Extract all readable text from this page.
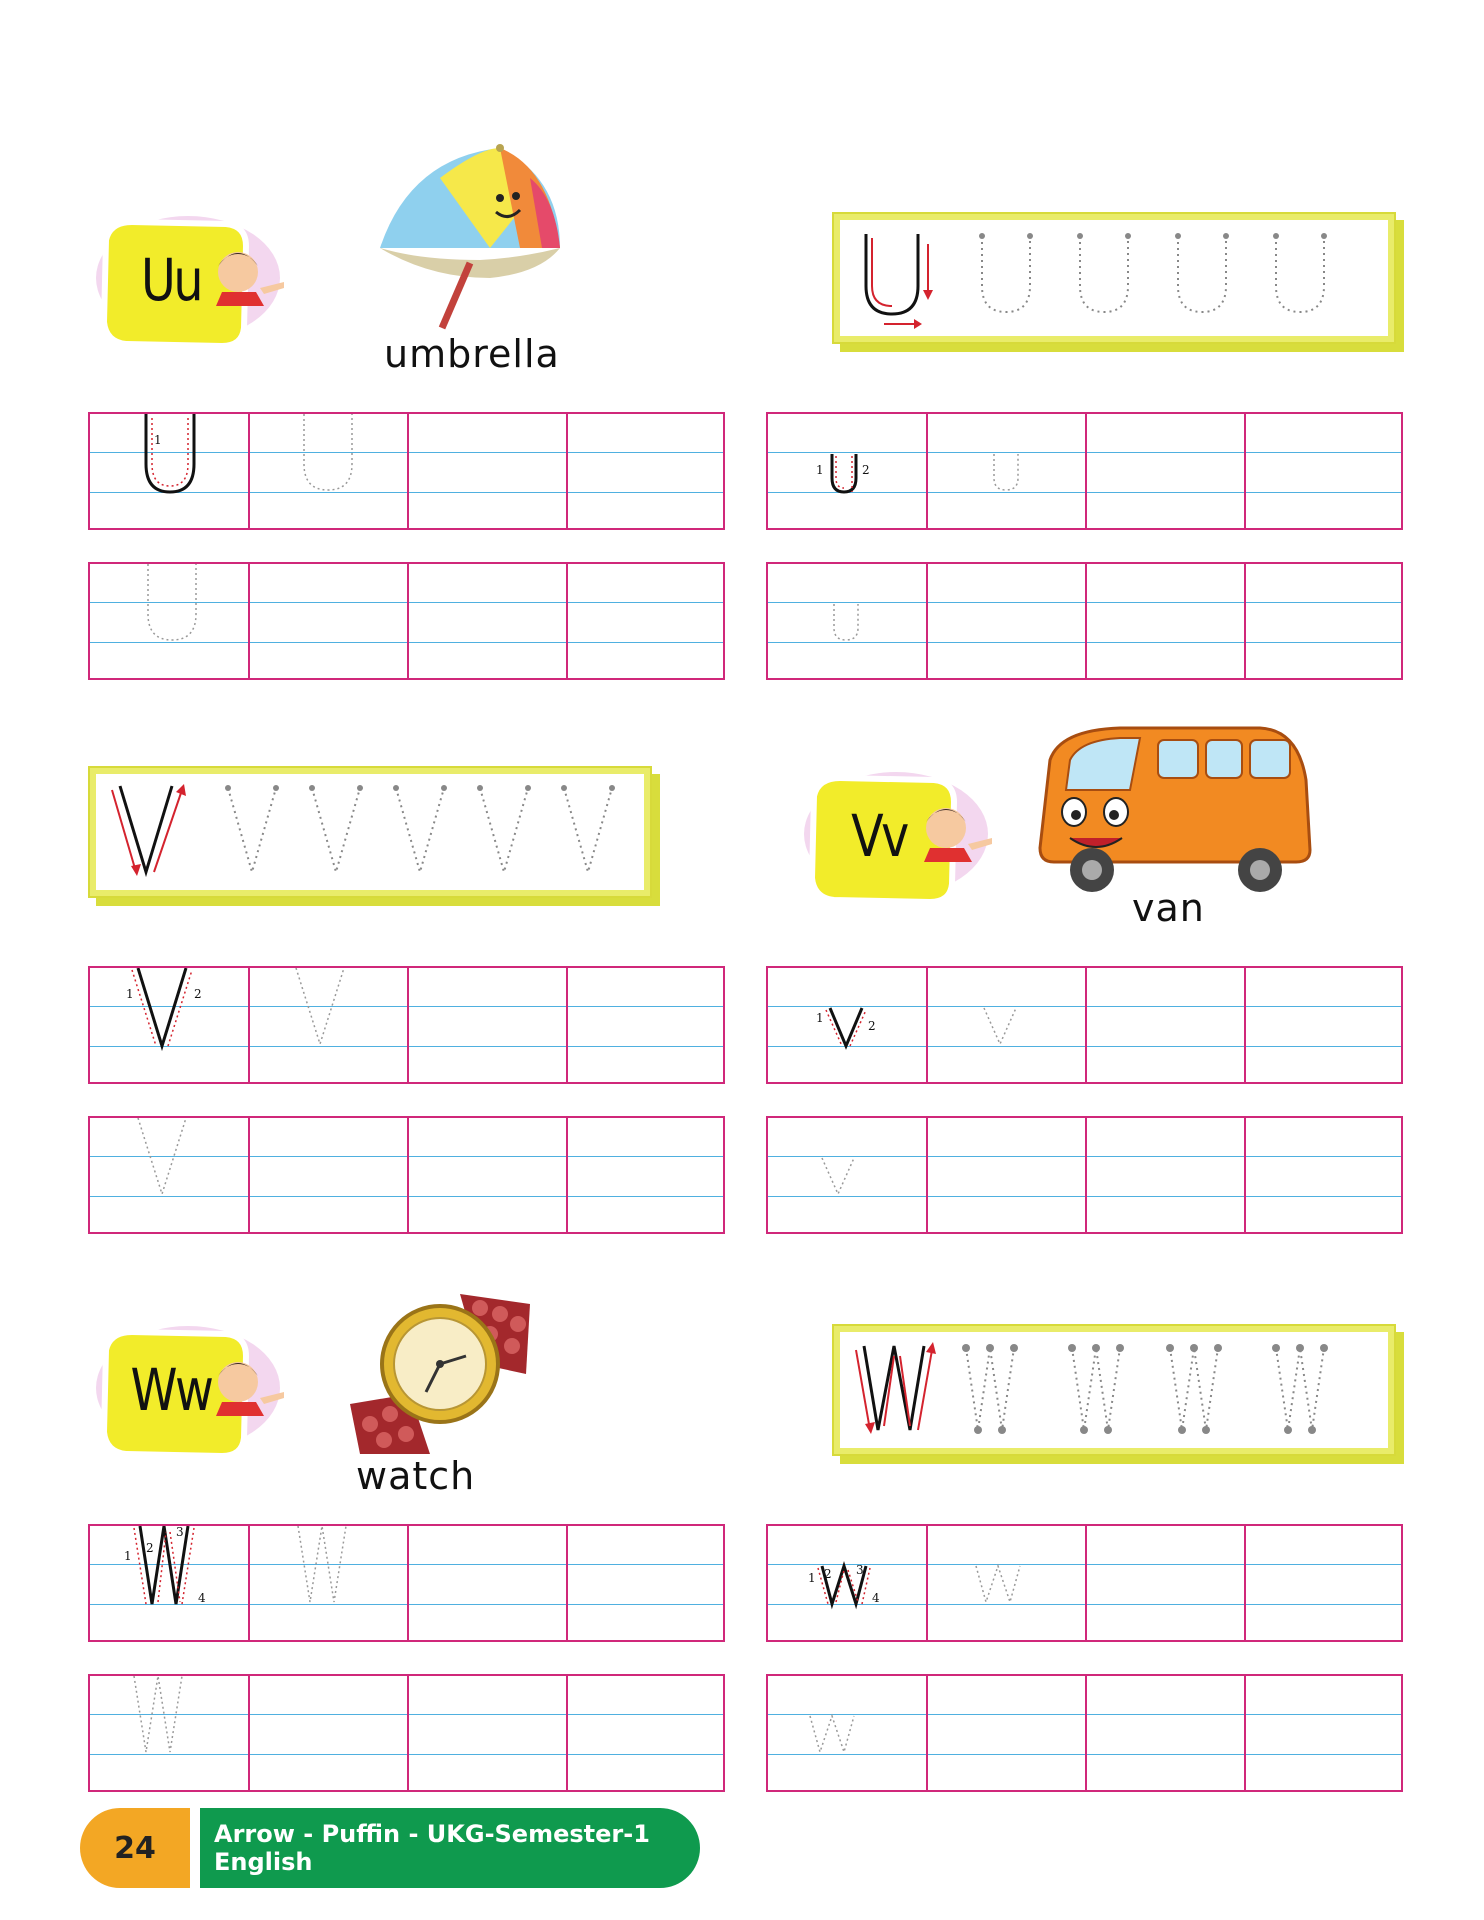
Uu
umbrella
1
1	2
Vv
van
1	2
1
2
Ww
watch
1
2
3
4
1 2 3
4
24	Arrow - Puffin - UKG-Semester-1 English
